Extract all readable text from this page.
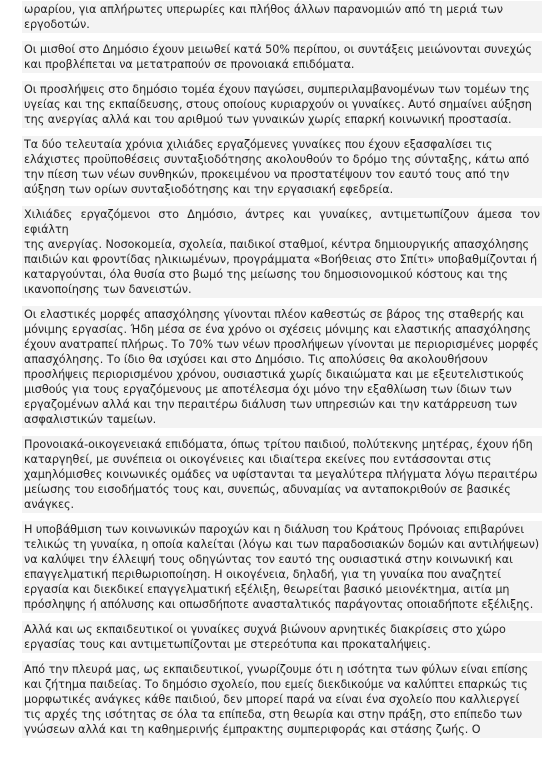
ωραρίου, για απλήρωτες υπερωρίες και πλήθος άλλων παρανομιών από τη μεριά των
εργοδοτών.

Οι μισθοί στο Δημόσιο έχουν μειωθεί κατά 50% περίπου, οι συντάξεις μειώνονται συνεχώς
και προβλέπεται να μετατραπούν σε προνοιακά επιδόματα.

Οι προσλήψεις στο δημόσιο τομέα έχουν παγώσει, συμπεριλαμβανομένων των τομέων της
υγείας και της εκπαίδευσης, στους οποίους κυριαρχούν οι γυναίκες. Αυτό σημαίνει αύξηση
της ανεργίας αλλά και του αριθμού των γυναικών χωρίς επαρκή κοινωνική προστασία.

Τα δύο τελευταία χρόνια χιλιάδες εργαζόμενες γυναίκες που έχουν εξασφαλίσει τις
ελάχιστες προϋποθέσεις συνταξιοδότησης ακολουθούν το δρόμο της σύνταξης, κάτω από
την πίεση των νέων συνθηκών, προκειμένου να προστατέψουν τον εαυτό τους από την
αύξηση των ορίων συνταξιοδότησης και την εργασιακή εφεδρεία.

Χιλιάδες εργαζόμενοι στο Δημόσιο, άντρες και γυναίκες, αντιμετωπίζουν άμεσα τον εφιάλτη
της ανεργίας. Νοσοκομεία, σχολεία, παιδικοί σταθμοί, κέντρα δημιουργικής απασχόλησης
παιδιών και φροντίδας ηλικιωμένων, προγράμματα «Βοήθειας στο Σπίτι» υποβαθμίζονται ή
καταργούνται, όλα θυσία στο βωμό της μείωσης του δημοσιονομικού κόστους και της
ικανοποίησης των δανειστών.

Οι ελαστικές μορφές απασχόλησης γίνονται πλέον καθεστώς σε βάρος της σταθερής και
μόνιμης εργασίας. Ήδη μέσα σε ένα χρόνο οι σχέσεις μόνιμης και ελαστικής απασχόλησης
έχουν ανατραπεί πλήρως. Το 70% των νέων προσλήψεων γίνονται με περιορισμένες μορφές
απασχόλησης. Το ίδιο θα ισχύσει και στο Δημόσιο. Τις απολύσεις θα ακολουθήσουν
προσλήψεις περιορισμένου χρόνου, ουσιαστικά χωρίς δικαιώματα και με εξευτελιστικούς
μισθούς για τους εργαζόμενους με αποτέλεσμα όχι μόνο την εξαθλίωση των ίδιων των
εργαζομένων αλλά και την περαιτέρω διάλυση των υπηρεσιών και την κατάρρευση των
ασφαλιστικών ταμείων.

Προνοιακά-οικογενειακά επιδόματα, όπως τρίτου παιδιού, πολύτεκνης μητέρας, έχουν ήδη
καταργηθεί, με συνέπεια οι οικογένειες και ιδιαίτερα εκείνες που εντάσσονται στις
χαμηλόμισθες κοινωνικές ομάδες να υφίστανται τα μεγαλύτερα πλήγματα λόγω περαιτέρω
μείωσης του εισοδήματός τους και, συνεπώς, αδυναμίας να ανταποκριθούν σε βασικές
ανάγκες.

Η υποβάθμιση των κοινωνικών παροχών και η διάλυση του Κράτους Πρόνοιας επιβαρύνει
τελικώς τη γυναίκα, η οποία καλείται (λόγω και των παραδοσιακών δομών και αντιλήψεων)
να καλύψει την έλλειψή τους οδηγώντας τον εαυτό της ουσιαστικά στην κοινωνική και
επαγγελματική περιθωριοποίηση. Η οικογένεια, δηλαδή, για τη γυναίκα που αναζητεί
εργασία και διεκδικεί επαγγελματική εξέλιξη, θεωρείται βασικό μειονέκτημα, αιτία μη
πρόσληψης ή απόλυσης και οπωσδήποτε ανασταλτικός παράγοντας οποιαδήποτε εξέλιξης.

Αλλά και ως εκπαιδευτικοί οι γυναίκες συχνά βιώνουν αρνητικές διακρίσεις στο χώρο
εργασίας τους και αντιμετωπίζονται με στερεότυπα και προκαταλήψεις.

Από την πλευρά μας, ως εκπαιδευτικοί, γνωρίζουμε ότι η ισότητα των φύλων είναι επίσης
και ζήτημα παιδείας. Το δημόσιο σχολείο, που εμείς διεκδικούμε να καλύπτει επαρκώς τις
μορφωτικές ανάγκες κάθε παιδιού, δεν μπορεί παρά να είναι ένα σχολείο που καλλιεργεί
τις αρχές της ισότητας σε όλα τα επίπεδα, στη θεωρία και στην πράξη, στο επίπεδο των
γνώσεων αλλά και τη καθημερινής έμπρακτης συμπεριφοράς και στάσης ζωής. Ο
